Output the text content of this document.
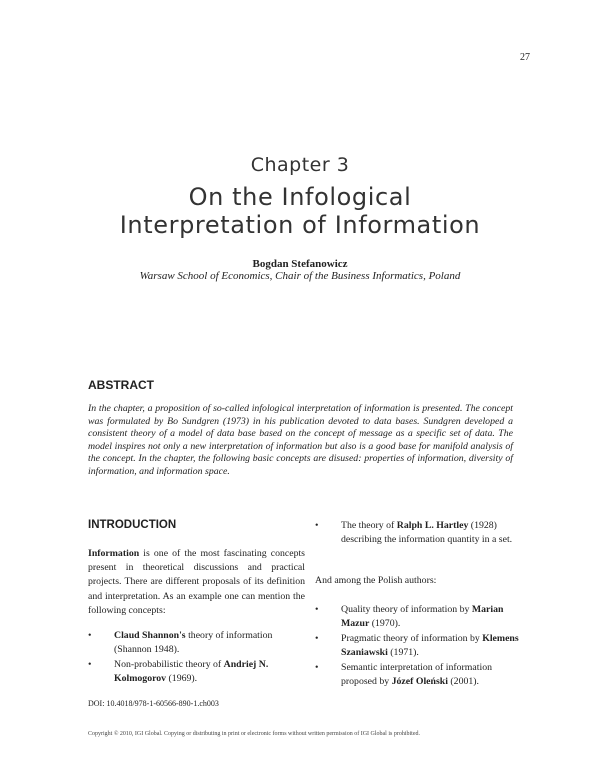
27
Chapter 3
On the Infological
Interpretation of Information
Bogdan Stefanowicz
Warsaw School of Economics, Chair of the Business Informatics, Poland
ABSTRACT
In the chapter, a proposition of so-called infological interpretation of information is presented. The concept was formulated by Bo Sundgren (1973) in his publication devoted to data bases. Sundgren developed a consistent theory of a model of data base based on the concept of message as a specific set of data. The model inspires not only a new interpretation of information but also is a good base for manifold analysis of the concept. In the chapter, the following basic concepts are disused: properties of information, diversity of information, and information space.
INTRODUCTION
Information is one of the most fascinating concepts present in theoretical discussions and practical projects. There are different proposals of its definition and interpretation. As an example one can mention the following concepts:
• Claud Shannon's theory of information (Shannon 1948).
• Non-probabilistic theory of Andriej N. Kolmogorov (1969).
• The theory of Ralph L. Hartley (1928) describing the information quantity in a set.
And among the Polish authors:
• Quality theory of information by Marian Mazur (1970).
• Pragmatic theory of information by Klemens Szaniawski (1971).
• Semantic interpretation of information proposed by Józef Oleński (2001).
DOI: 10.4018/978-1-60566-890-1.ch003
Copyright © 2010, IGI Global. Copying or distributing in print or electronic forms without written permission of IGI Global is prohibited.
